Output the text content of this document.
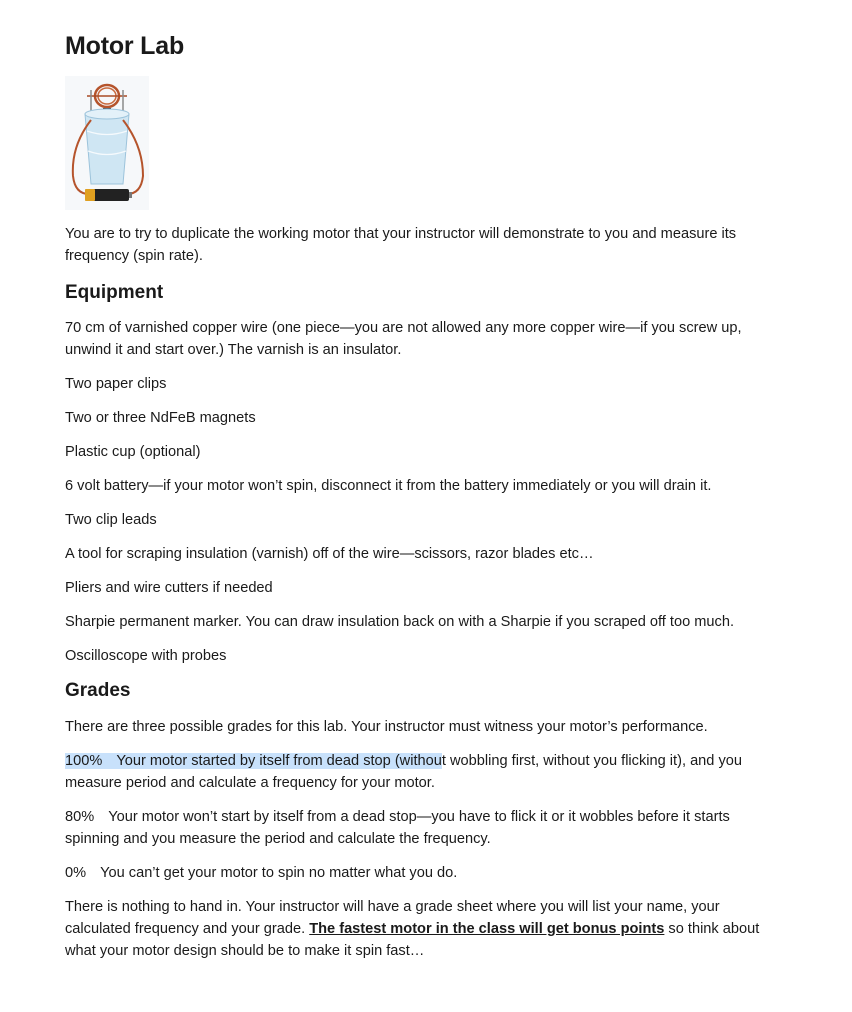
Motor Lab

You are to try to duplicate the working motor that your instructor will demonstrate to you and measure its frequency (spin rate).

Equipment

70 cm of varnished copper wire (one piece—you are not allowed any more copper wire—if you screw up, unwind it and start over.) The varnish is an insulator.

Two paper clips

Two or three NdFeB magnets

Plastic cup (optional)

6 volt battery—if your motor won’t spin, disconnect it from the battery immediately or you will drain it.

Two clip leads

A tool for scraping insulation (varnish) off of the wire—scissors, razor blades etc…

Pliers and wire cutters if needed

Sharpie permanent marker. You can draw insulation back on with a Sharpie if you scraped off too much.

Oscilloscope with probes

Grades

There are three possible grades for this lab. Your instructor must witness your motor’s performance.

100% Your motor started by itself from dead stop (without wobbling first, without you flicking it), and you measure period and calculate a frequency for your motor.

80% Your motor won’t start by itself from a dead stop—you have to flick it or it wobbles before it starts spinning and you measure the period and calculate the frequency.

0% You can’t get your motor to spin no matter what you do.

There is nothing to hand in. Your instructor will have a grade sheet where you will list your name, your calculated frequency and your grade. The fastest motor in the class will get bonus points so think about what your motor design should be to make it spin fast…
